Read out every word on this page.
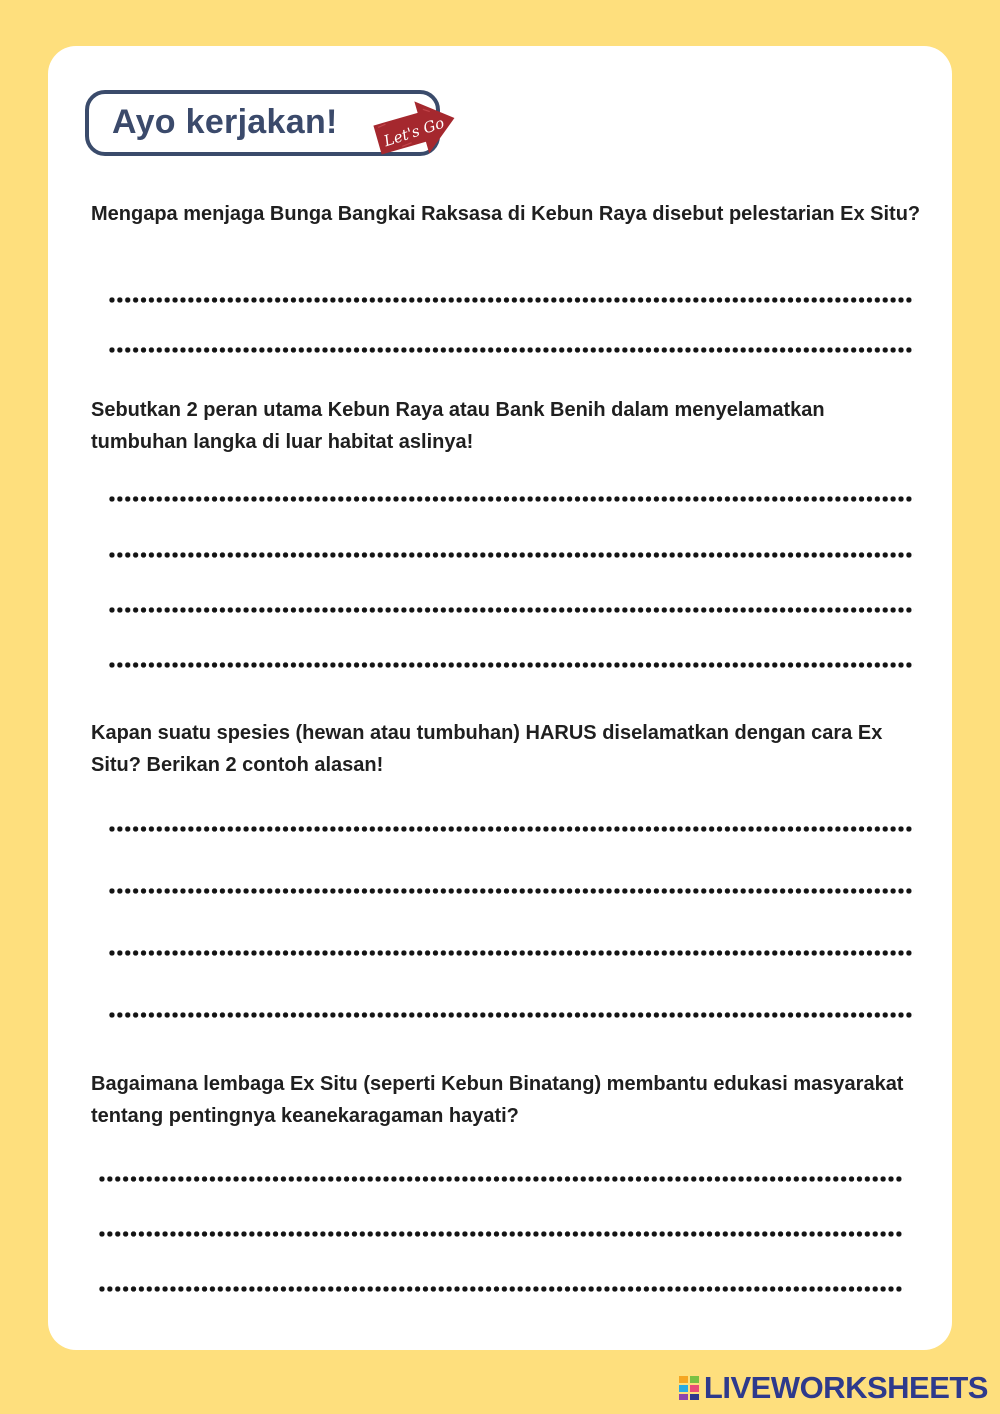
Ayo kerjakan!	Let's Go
Mengapa menjaga Bunga Bangkai Raksasa di Kebun Raya disebut pelestarian Ex Situ?
Sebutkan 2 peran utama Kebun Raya atau Bank Benih dalam menyelamatkan tumbuhan langka di luar habitat aslinya!
Kapan suatu spesies (hewan atau tumbuhan) HARUS diselamatkan dengan cara Ex Situ? Berikan 2 contoh alasan!
Bagaimana lembaga Ex Situ (seperti Kebun Binatang) membantu edukasi masyarakat tentang pentingnya keanekaragaman hayati?
LIVEWORKSHEETS
